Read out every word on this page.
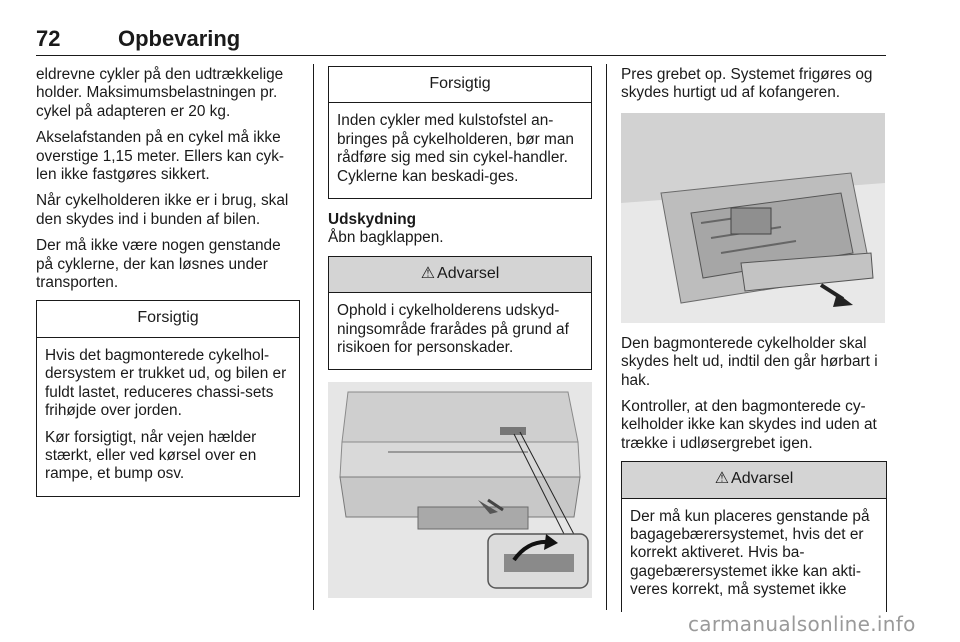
72	Opbevaring

eldrevne cykler på den udtrækkelige holder. Maksimumsbelastningen pr. cykel på adapteren er 20 kg.

Akselafstanden på en cykel må ikke overstige 1,15 meter. Ellers kan cyk-len ikke fastgøres sikkert.

Når cykelholderen ikke er i brug, skal den skydes ind i bunden af bilen.

Der må ikke være nogen genstande på cyklerne, der kan løsnes under transporten.

Forsigtig

Hvis det bagmonterede cykelhol-dersystem er trukket ud, og bilen er fuldt lastet, reduceres chassi-sets frihøjde over jorden.

Kør forsigtigt, når vejen hælder stærkt, eller ved kørsel over en rampe, et bump osv.

Forsigtig

Inden cykler med kulstofstel an-bringes på cykelholderen, bør man rådføre sig med sin cykel-handler. Cyklerne kan beskadi-ges.

Udskydning

Åbn bagklappen.

⚠ Advarsel

Ophold i cykelholderens udskyd-ningsområde frarådes på grund af risikoen for personskader.

Pres grebet op. Systemet frigøres og skydes hurtigt ud af kofangeren.

Den bagmonterede cykelholder skal skydes helt ud, indtil den går hørbart i hak.

Kontroller, at den bagmonterede cy-kelholder ikke kan skydes ind uden at trække i udløsergrebet igen.

⚠ Advarsel

Der må kun placeres genstande på bagagebærersystemet, hvis det er korrekt aktiveret. Hvis ba-gagebærersystemet ikke kan akti-veres korrekt, må systemet ikke

carmanualsonline.info
